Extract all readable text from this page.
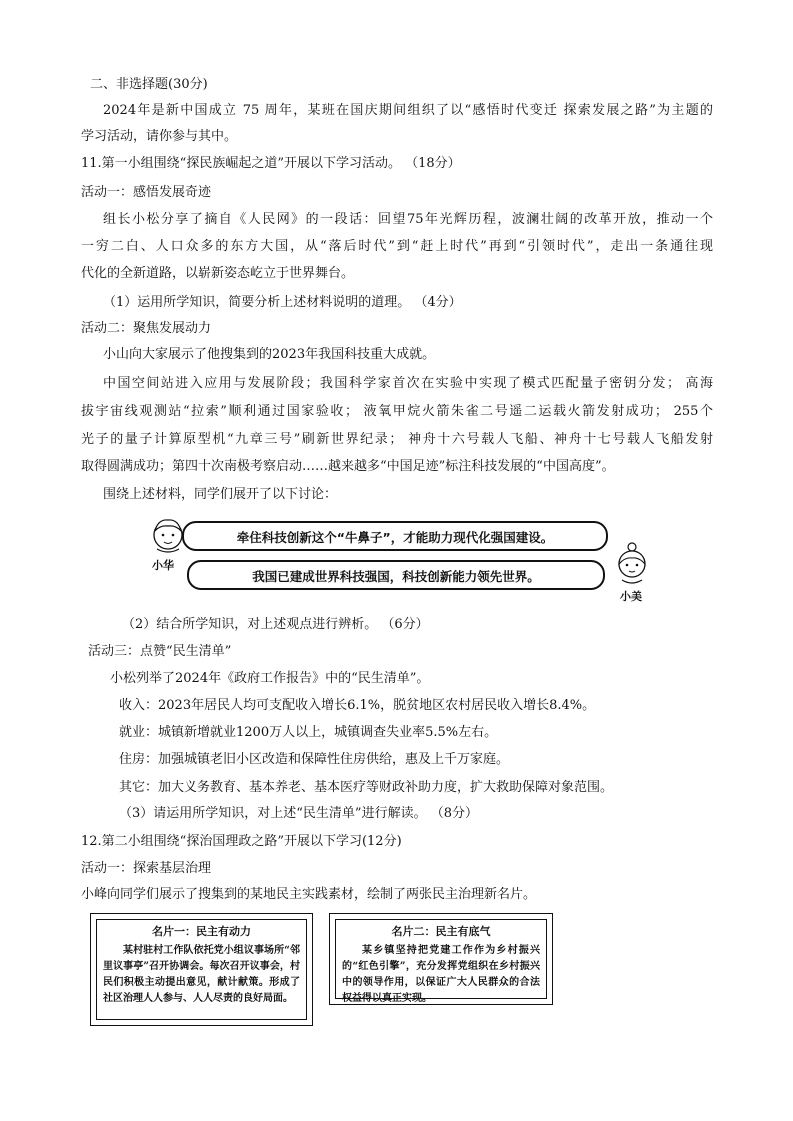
二、非选择题(30分)
2024年是新中国成立 75 周年，某班在国庆期间组织了以“感悟时代变迁 探索发展之路”为主题的
学习活动，请你参与其中。
11.第一小组围绕“探民族崛起之道”开展以下学习活动。 （18分）
活动一：感悟发展奇迹
组长小松分享了摘自《人民网》的一段话：回望75年光辉历程，波澜壮阔的改革开放，推动一个
一穷二白、人口众多的东方大国，从“落后时代”到“赶上时代”再到“引领时代”，走出一条通往现
代化的全新道路，以崭新姿态屹立于世界舞台。
（1）运用所学知识，简要分析上述材料说明的道理。 （4分）
活动二：聚焦发展动力
小山向大家展示了他搜集到的2023年我国科技重大成就。
中国空间站进入应用与发展阶段；我国科学家首次在实验中实现了模式匹配量子密钥分发； 高海
拔宇宙线观测站“拉索”顺利通过国家验收； 液氧甲烷火箭朱雀二号遥二运载火箭发射成功； 255个
光子的量子计算原型机“九章三号”刷新世界纪录； 神舟十六号载人飞船、神舟十七号载人飞船发射
取得圆满成功；第四十次南极考察启动……越来越多“中国足迹”标注科技发展的“中国高度”。
围绕上述材料，同学们展开了以下讨论：
小华
牵住科技创新这个“牛鼻子”，才能助力现代化强国建设。
我国已建成世界科技强国，科技创新能力领先世界。
小美
（2）结合所学知识，对上述观点进行辨析。 （6分）
活动三：点赞“民生清单”
小松列举了2024年《政府工作报告》中的“民生清单”。
收入：2023年居民人均可支配收入增长6.1%，脱贫地区农村居民收入增长8.4%。
就业：城镇新增就业1200万人以上，城镇调查失业率5.5%左右。
住房：加强城镇老旧小区改造和保障性住房供给，惠及上千万家庭。
其它：加大义务教育、基本养老、基本医疗等财政补助力度，扩大救助保障对象范围。
（3）请运用所学知识，对上述“民生清单”进行解读。 （8分）
12.第二小组围绕“探治国理政之路”开展以下学习(12分)
活动一：探索基层治理
小峰向同学们展示了搜集到的某地民主实践素材，绘制了两张民主治理新名片。
名片一：民主有动力
某村驻村工作队依托党小组议事场所“邻里议事亭”召开协调会。每次召开议事会，村民们积极主动提出意见，献计献策。形成了社区治理人人参与、人人尽责的良好局面。
名片二：民主有底气
某乡镇坚持把党建工作作为乡村振兴的“红色引擎”，充分发挥党组织在乡村振兴中的领导作用，以保证广大人民群众的合法权益得以真正实现。
